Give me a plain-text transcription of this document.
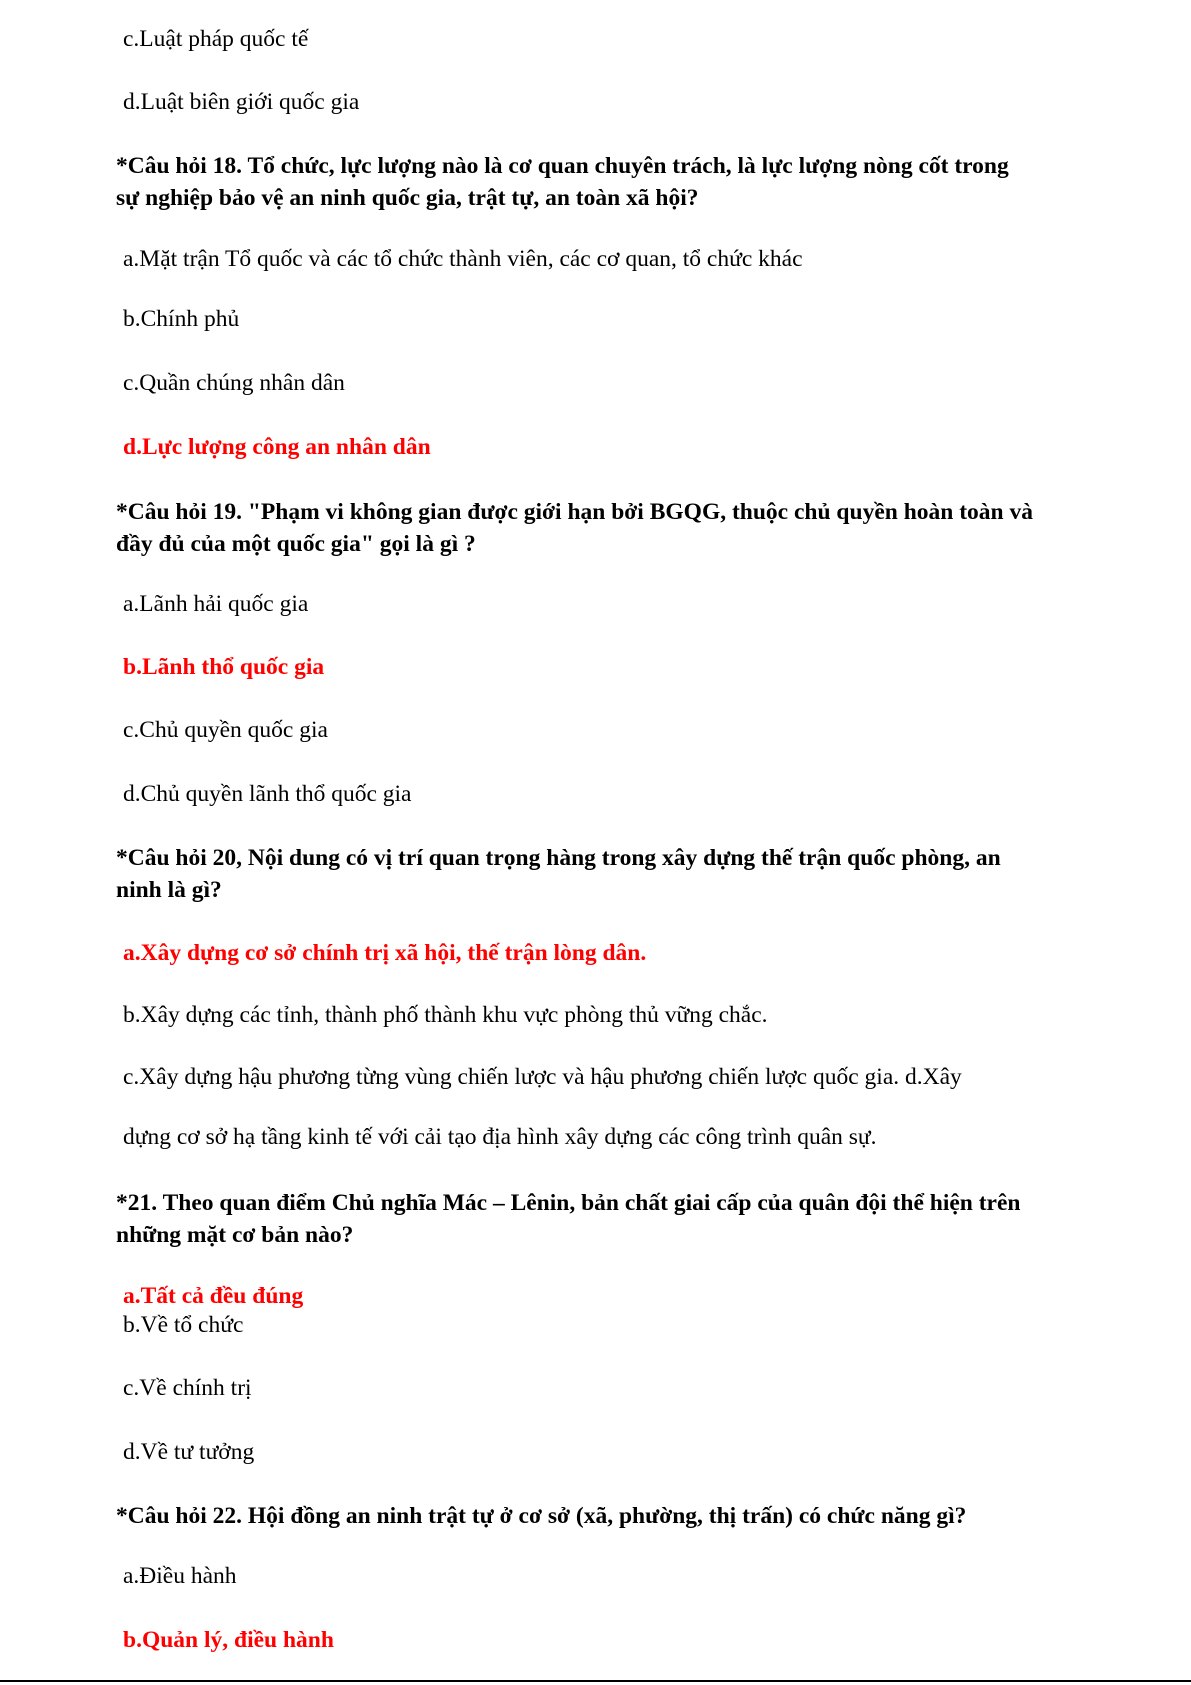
c.Luật pháp quốc tế
d.Luật biên giới quốc gia
*Câu hỏi 18. Tổ chức, lực lượng nào là cơ quan chuyên trách, là lực lượng nòng cốt trong
sự nghiệp bảo vệ an ninh quốc gia, trật tự, an toàn xã hội?
a.Mặt trận Tổ quốc và các tổ chức thành viên, các cơ quan, tổ chức khác
b.Chính phủ
c.Quần chúng nhân dân
d.Lực lượng công an nhân dân
*Câu hỏi 19. "Phạm vi không gian được giới hạn bởi BGQG, thuộc chủ quyền hoàn toàn và
đầy đủ của một quốc gia" gọi là gì ?
a.Lãnh hải quốc gia
b.Lãnh thổ quốc gia
c.Chủ quyền quốc gia
d.Chủ quyền lãnh thổ quốc gia
*Câu hỏi 20, Nội dung có vị trí quan trọng hàng trong xây dựng thế trận quốc phòng, an
ninh là gì?
a.Xây dựng cơ sở chính trị xã hội, thế trận lòng dân.
b.Xây dựng các tỉnh, thành phố thành khu vực phòng thủ vững chắc.
c.Xây dựng hậu phương từng vùng chiến lược và hậu phương chiến lược quốc gia. d.Xây
dựng cơ sở hạ tầng kinh tế với cải tạo địa hình xây dựng các công trình quân sự.
*21. Theo quan điểm Chủ nghĩa Mác – Lênin, bản chất giai cấp của quân đội thể hiện trên
những mặt cơ bản nào?
a.Tất cả đều đúng
b.Về tổ chức
c.Về chính trị
d.Về tư tưởng
*Câu hỏi 22. Hội đồng an ninh trật tự ở cơ sở (xã, phường, thị trấn) có chức năng gì?
a.Điều hành
b.Quản lý, điều hành
